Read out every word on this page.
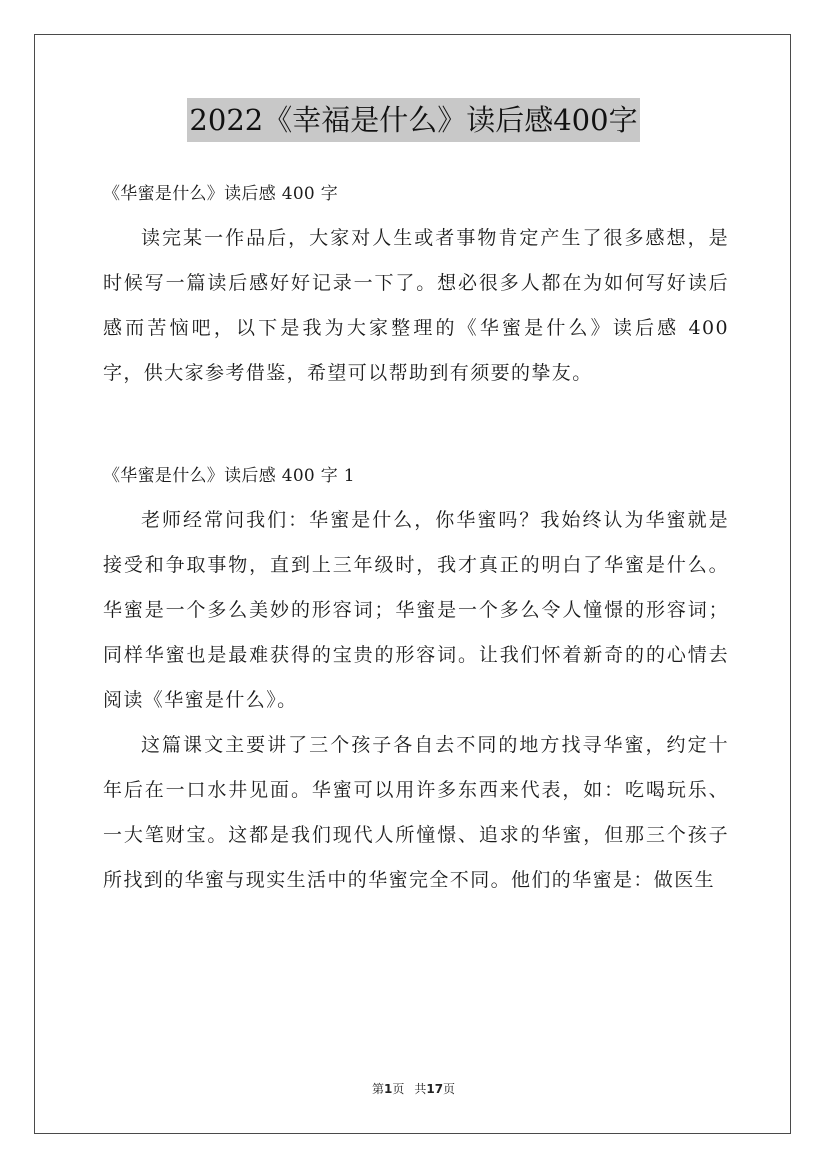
2022《幸福是什么》读后感400字

《华蜜是什么》读后感 400 字

读完某一作品后，大家对人生或者事物肯定产生了很多感想，是时候写一篇读后感好好记录一下了。想必很多人都在为如何写好读后感而苦恼吧，以下是我为大家整理的《华蜜是什么》读后感 400 字，供大家参考借鉴，希望可以帮助到有须要的挚友。

《华蜜是什么》读后感 400 字 1

老师经常问我们：华蜜是什么，你华蜜吗？我始终认为华蜜就是接受和争取事物，直到上三年级时，我才真正的明白了华蜜是什么。华蜜是一个多么美妙的形容词；华蜜是一个多么令人憧憬的形容词；同样华蜜也是最难获得的宝贵的形容词。让我们怀着新奇的的心情去阅读《华蜜是什么》。

这篇课文主要讲了三个孩子各自去不同的地方找寻华蜜，约定十年后在一口水井见面。华蜜可以用许多东西来代表，如：吃喝玩乐、一大笔财宝。这都是我们现代人所憧憬、追求的华蜜，但那三个孩子所找到的华蜜与现实生活中的华蜜完全不同。他们的华蜜是：做医生

第1页 共17页
